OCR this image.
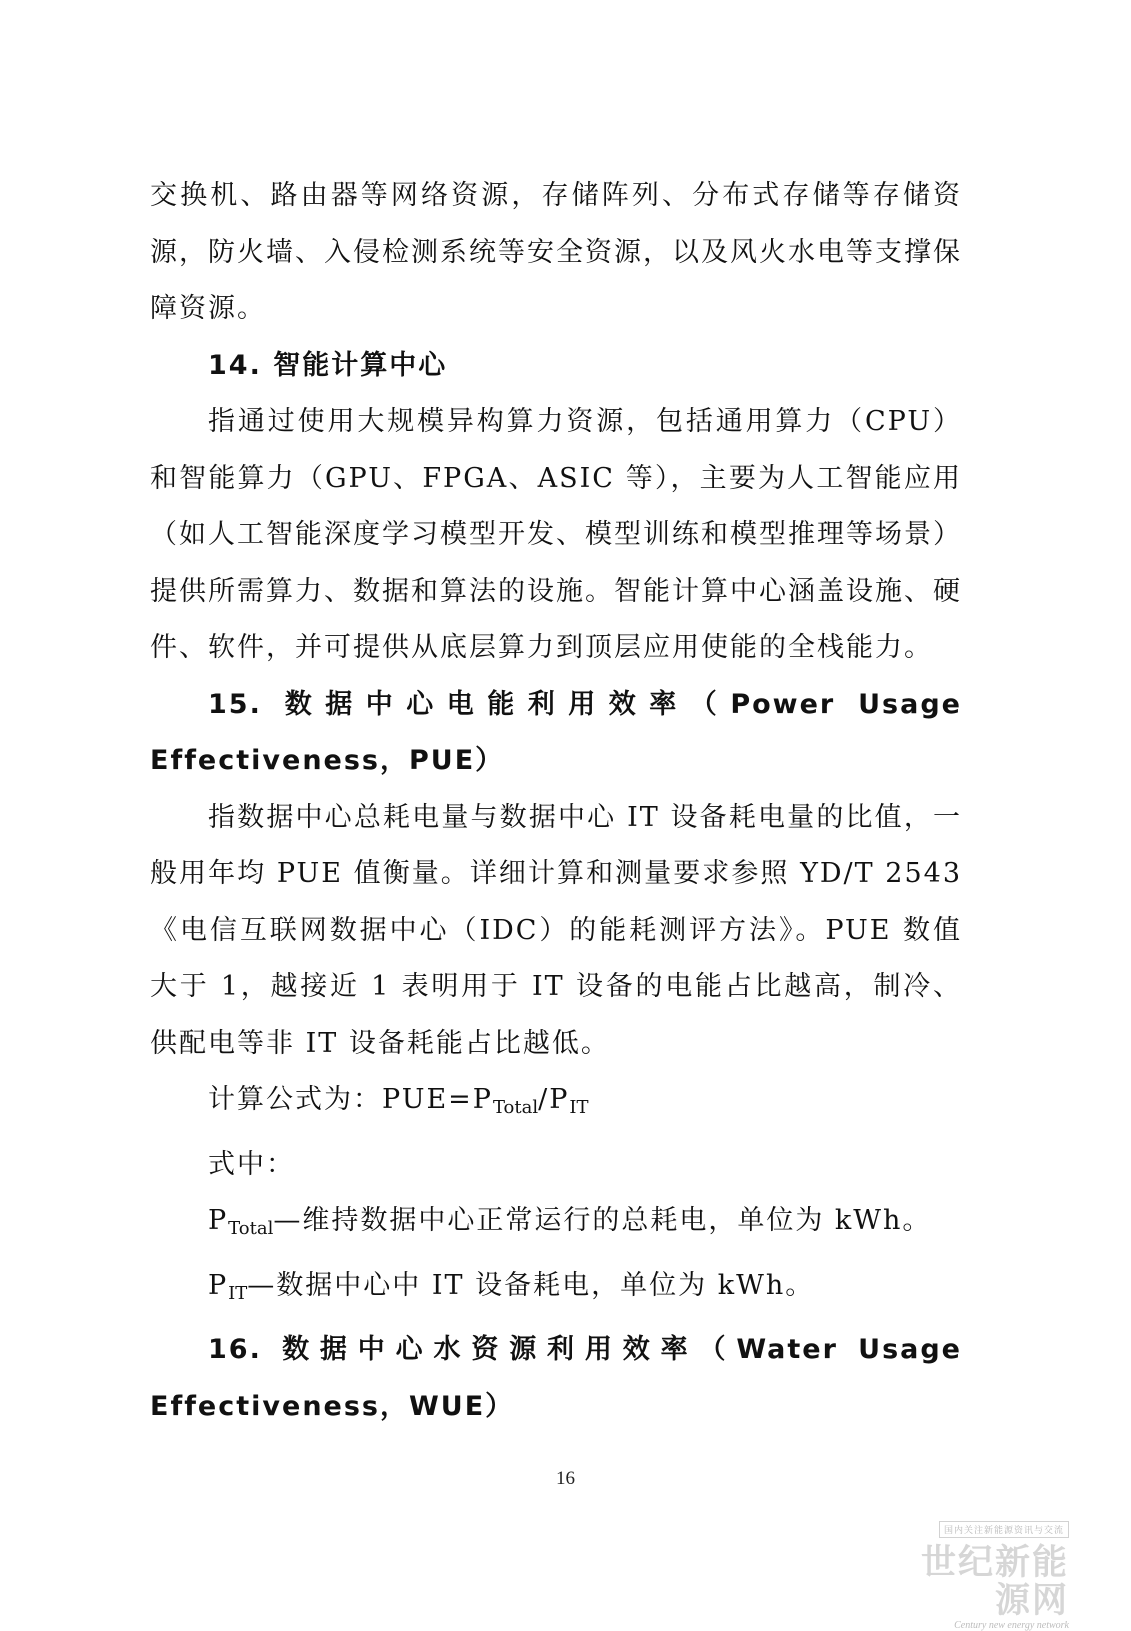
交换机、路由器等网络资源，存储阵列、分布式存储等存储资源，防火墙、入侵检测系统等安全资源，以及风火水电等支撑保障资源。

14. 智能计算中心

指通过使用大规模异构算力资源，包括通用算力（CPU）和智能算力（GPU、FPGA、ASIC 等），主要为人工智能应用（如人工智能深度学习模型开发、模型训练和模型推理等场景）提供所需算力、数据和算法的设施。智能计算中心涵盖设施、硬件、软件，并可提供从底层算力到顶层应用使能的全栈能力。

15. 数据中心电能利用效率（Power Usage Effectiveness，PUE）

指数据中心总耗电量与数据中心 IT 设备耗电量的比值，一般用年均 PUE 值衡量。详细计算和测量要求参照 YD/T 2543《电信互联网数据中心（IDC）的能耗测评方法》。PUE 数值大于 1，越接近 1 表明用于 IT 设备的电能占比越高，制冷、供配电等非 IT 设备耗能占比越低。

计算公式为：$PUE=P_{Total}/P_{IT}$

式中：

$P_{Total}—$维持数据中心正常运行的总耗电，单位为 kWh。

$P_{IT}—$数据中心中 IT 设备耗电，单位为 kWh。

16. 数据中心水资源利用效率（Water Usage Effectiveness，WUE）

16
国内关注新能源资讯与交流
世纪新能源网
Century new energy network
